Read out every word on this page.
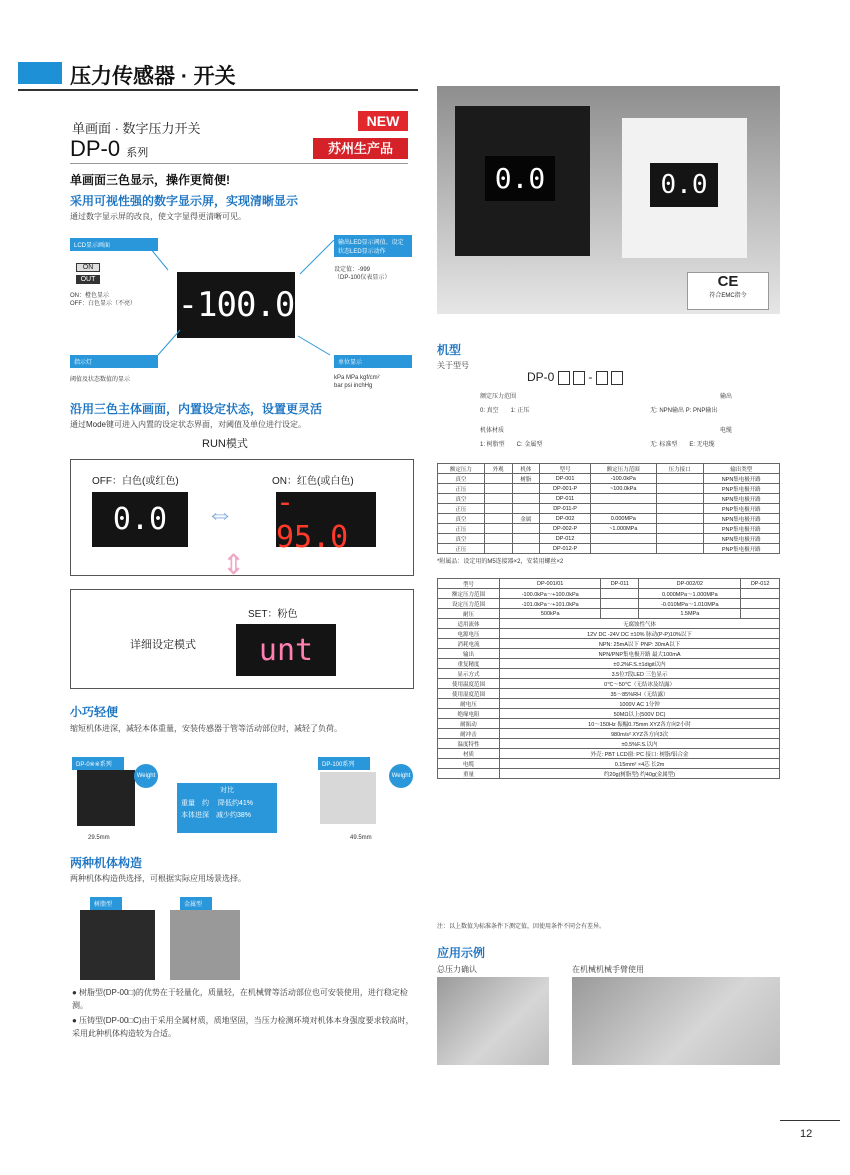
压力传感器 · 开关
单画面 · 数字压力开关
DP-0 系列
NEW
苏州生产品
单画面三色显示，操作更简便!
采用可视性强的数字显示屏，实现清晰显示
通过数字显示屏的改良，使文字显得更清晰可见。
LCD显示画面	输出LED显示阈值、设定状态LED显示动作
设定值：-999
（DP-100仪表显示）
ON
OUT
ON：橙色显示
OFF：白色显示（不亮） -100.0
指示灯	单位显示
阈值及状态数值的显示	kPa MPa kgf/cm²
bar psi inchHg
沿用三色主体画面，内置设定状态，设置更灵活
通过Mode键可进入内置的设定状态界面，对阈值及单位进行设定。
RUN模式
OFF：白色(或红色)	ON：红色(或白色)
0.0	- 95.0
⇔
⇕
SET：粉色
详细设定模式	unt
小巧轻便
缩短机体进深，减轻本体重量，安装传感器于管等活动部位时，减轻了负荷。
DP-0※※系列	DP-100系列
Weight
29.5mm
对比
重量　约 　降低约41%
本体进深　减少约38%
Weight
49.5mm
两种机体构造
两种机体构造供选择，可根据实际应用场景选择。
树脂型	金属型
● 树脂型(DP-00□)的优势在于轻量化，质量轻，在机械臂等活动部位也可安装使用，进行稳定检测。
● 压铸型(DP-00□C)由于采用全属材质，质地坚固，当压力检测环境对机体本身强度要求较高时，采用此种机体构造较为合适。
0.0	0.0
CE
符合EMC指令
机型
关于型号
DP-0	-
额定压力范围
0: 真空　　1: 正压
机体材质
1: 树脂型　　C: 金属型
输出
无: NPN输出 P: PNP输出
电缆
无: 标准型　　E: 无电缆
额定压力	外观	机体	型号	额定压力范围	压力接口	输出类型
真空		树脂	DP-001	-100.0kPa		NPN集电极开路
正压			DP-001-P	~100.0kPa		PNP集电极开路
真空			DP-011			NPN集电极开路
正压			DP-011-P			PNP集电极开路
真空		金属	DP-002	0.000MPa		NPN集电极开路
正压			DP-002-P	~1.000MPa		PNP集电极开路
真空			DP-012			NPN集电极开路
正压			DP-012-P			PNP集电极开路
*附属品：设定用的M5连接器×2，安装用螺丝×2
型号	DP-001/01	DP-011	DP-002/02	DP-012
额定压力范围	-100.0kPa～+100.0kPa		0.000MPa～1.000MPa	
设定压力范围	-101.0kPa～+101.0kPa		-0.010MPa～1.010MPa	
耐压	500kPa		1.5MPa	
适用流体	无腐蚀性气体			
电源电压	12V DC -24V DC ±10% 脉动(P-P)10%以下			
消耗电流	NPN: 25mA以下 PNP: 30mA以下			
输出	NPN/PNP集电极开路 最大100mA			
重复精度	±0.2%F.S.±1digit以内			
显示方式	3.5位7段LED 三色显示			
使用温度范围	0℃～50℃（无结冰及结露）			
使用湿度范围	35～85%RH（无结露）			
耐电压	1000V AC 1分钟			
绝缘电阻	50MΩ以上(500V DC)			
耐振动	10～150Hz 振幅0.75mm XYZ各方向2小时			
耐冲击	980m/s² XYZ各方向3次			
温度特性	±0.5%F.S.以内			
材质	外壳: PBT LCD窗: PC 接口: 树脂/铝合金			
电缆	0.15mm² ×4芯 长2m			
重量	约20g(树脂型) 约40g(金属型)			
注：以上数值为标准条件下测定值，因使用条件不同会有差异。
应用示例
总压力确认	在机械机械手臂使用
12
